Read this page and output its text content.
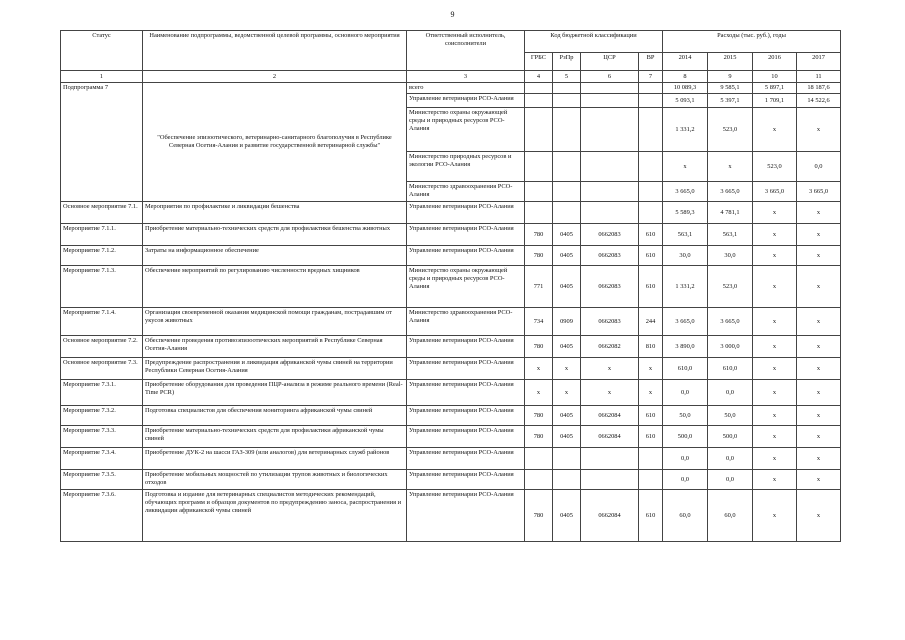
9
Статус	Наименование подпрограммы, ведомственной целевой программы, основного мероприятия	Ответственный исполнитель, соисполнители	Код бюджетной классификации				Расходы (тыс. руб.), годы			
			ГРБС	РзПр	ЦСР	ВР	2014	2015	2016	2017
1	2	3	4	5	6	7	8	9	10	11
Подпрограмма 7	"Обеспечение эпизоотического, ветеринарно-санитарного благополучия в Республике Северная Осетия-Алания и развитие государственной ветеринарной службы"	всего					10 089,3	9 585,1	5 897,1	18 187,6
		Управление ветеринарии РСО-Алания					5 093,1	5 397,1	1 709,1	14 522,6
		Министерство охраны окружающей среды и природных ресурсов РСО-Алания					1 331,2	523,0	х	х
		Министерство природных ресурсов и экологии РСО-Алания					х	х	523,0	0,0
		Министерство здравоохранения РСО-Алания					3 665,0	3 665,0	3 665,0	3 665,0
Основное мероприятие 7.1.	Мероприятия по профилактике и ликвидации бешенства	Управление ветеринарии РСО-Алания					5 589,3	4 781,1	х	х
Мероприятие 7.1.1.	Приобретение материально-технических средств для профилактики бешенства животных	Управление ветеринарии РСО-Алания	780	0405	0662083	610	563,1	563,1	х	х
Мероприятие 7.1.2.	Затраты на информационное обеспечение	Управление ветеринарии РСО-Алания	780	0405	0662083	610	30,0	30,0	х	х
Мероприятие 7.1.3.	Обеспечение мероприятий по регулированию численности вредных хищников	Министерство охраны окружающей среды и природных ресурсов РСО-Алания	771	0405	0662083	610	1 331,2	523,0	х	х
Мероприятие 7.1.4.	Организация своевременной оказания медицинской помощи гражданам, пострадавшим от укусов животных	Министерство здравоохранения РСО-Алания	734	0909	0662083	244	3 665,0	3 665,0	х	х
Основное мероприятие 7.2.	Обеспечение проведения противоэпизоотических мероприятий в Республике Северная Осетия-Алания	Управление ветеринарии РСО-Алания	780	0405	0662082	810	3 890,0	3 000,0	х	х
Основное мероприятие 7.3.	Предупреждение распространения и ликвидация африканской чумы свиней на территории Республики Северная Осетия-Алания	Управление ветеринарии РСО-Алания	х	х	х	х	610,0	610,0	х	х
Мероприятие 7.3.1.	Приобретение оборудования для проведения ПЦР-анализа в режиме реального времени (Real-Time PCR)	Управление ветеринарии РСО-Алания	х	х	х	х	0,0	0,0	х	х
Мероприятие 7.3.2.	Подготовка специалистов для обеспечения мониторинга африканской чумы свиней	Управление ветеринарии РСО-Алания	780	0405	0662084	610	50,0	50,0	х	х
Мероприятие 7.3.3.	Приобретение материально-технических средств для профилактики африканской чумы свиней	Управление ветеринарии РСО-Алания	780	0405	0662084	610	500,0	500,0	х	х
Мероприятие 7.3.4.	Приобретение ДУК-2 на шасси ГАЗ-309 (или аналогов) для ветеринарных служб районов	Управление ветеринарии РСО-Алания					0,0	0,0	х	х
Мероприятие 7.3.5.	Приобретение мобильных мощностей по утилизации трупов животных и биологических отходов	Управление ветеринарии РСО-Алания					0,0	0,0	х	х
Мероприятие 7.3.6.	Подготовка и издание для ветеринарных специалистов методических рекомендаций, обучающих программ и образцов документов по предупреждению заноса, распространения и ликвидации африканской чумы свиней	Управление ветеринарии РСО-Алания	780	0405	0662084	610	60,0	60,0	х	х
